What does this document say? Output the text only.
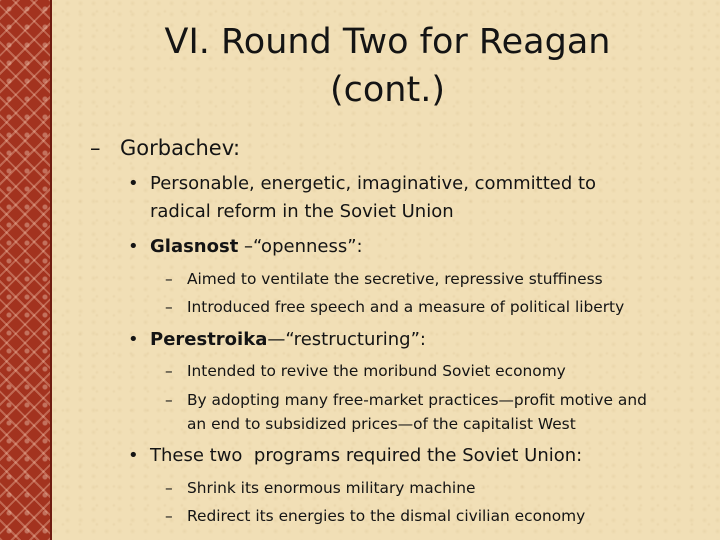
VI. Round Two for Reagan
(cont.)
– Gorbachev:
• Personable, energetic, imaginative, committed to
radical reform in the Soviet Union
• Glasnost –“openness”:
– Aimed to ventilate the secretive, repressive stuffiness
– Introduced free speech and a measure of political liberty
• Perestroika—“restructuring”:
– Intended to revive the moribund Soviet economy
– By adopting many free-market practices—profit motive and
an end to subsidized prices—of the capitalist West
• These two  programs required the Soviet Union:
– Shrink its enormous military machine
– Redirect its energies to the dismal civilian economy
